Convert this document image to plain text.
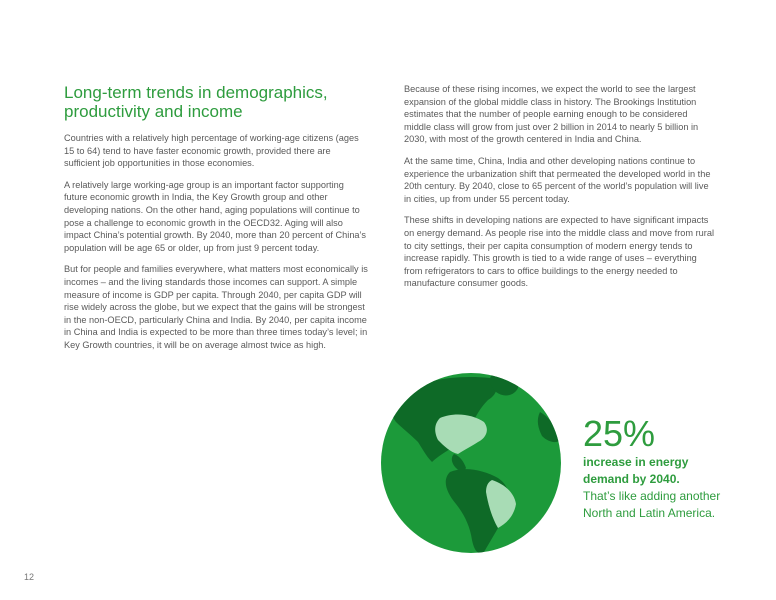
Long-term trends in demographics, productivity and income

Countries with a relatively high percentage of working-age citizens (ages 15 to 64) tend to have faster economic growth, provided there are sufficient job opportunities in those economies.

A relatively large working-age group is an important factor supporting future economic growth in India, the Key Growth group and other developing nations. On the other hand, aging populations will continue to pose a challenge to economic growth in the OECD32. Aging will also impact China’s potential growth. By 2040, more than 20 percent of China’s population will be age 65 or older, up from just 9 percent today.

But for people and families everywhere, what matters most economically is incomes – and the living standards those incomes can support. A simple measure of income is GDP per capita. Through 2040, per capita GDP will rise widely across the globe, but we expect that the gains will be strongest in the non-OECD, particularly China and India. By 2040, per capita income in China and India is expected to be more than three times today’s level; in Key Growth countries, it will be on average almost twice as high.

Because of these rising incomes, we expect the world to see the largest expansion of the global middle class in history. The Brookings Institution estimates that the number of people earning enough to be considered middle class will grow from just over 2 billion in 2014 to nearly 5 billion in 2030, with most of the growth centered in India and China.

At the same time, China, India and other developing nations continue to experience the urbanization shift that permeated the developed world in the 20th century. By 2040, close to 65 percent of the world’s population will live in cities, up from under 55 percent today.

These shifts in developing nations are expected to have significant impacts on energy demand. As people rise into the middle class and move from rural to city settings, their per capita consumption of modern energy tends to increase rapidly. This growth is tied to a wide range of uses – everything from refrigerators to cars to office buildings to the energy needed to manufacture consumer goods.

25%
increase in energy
demand by 2040.
That’s like adding another
North and Latin America.
12
